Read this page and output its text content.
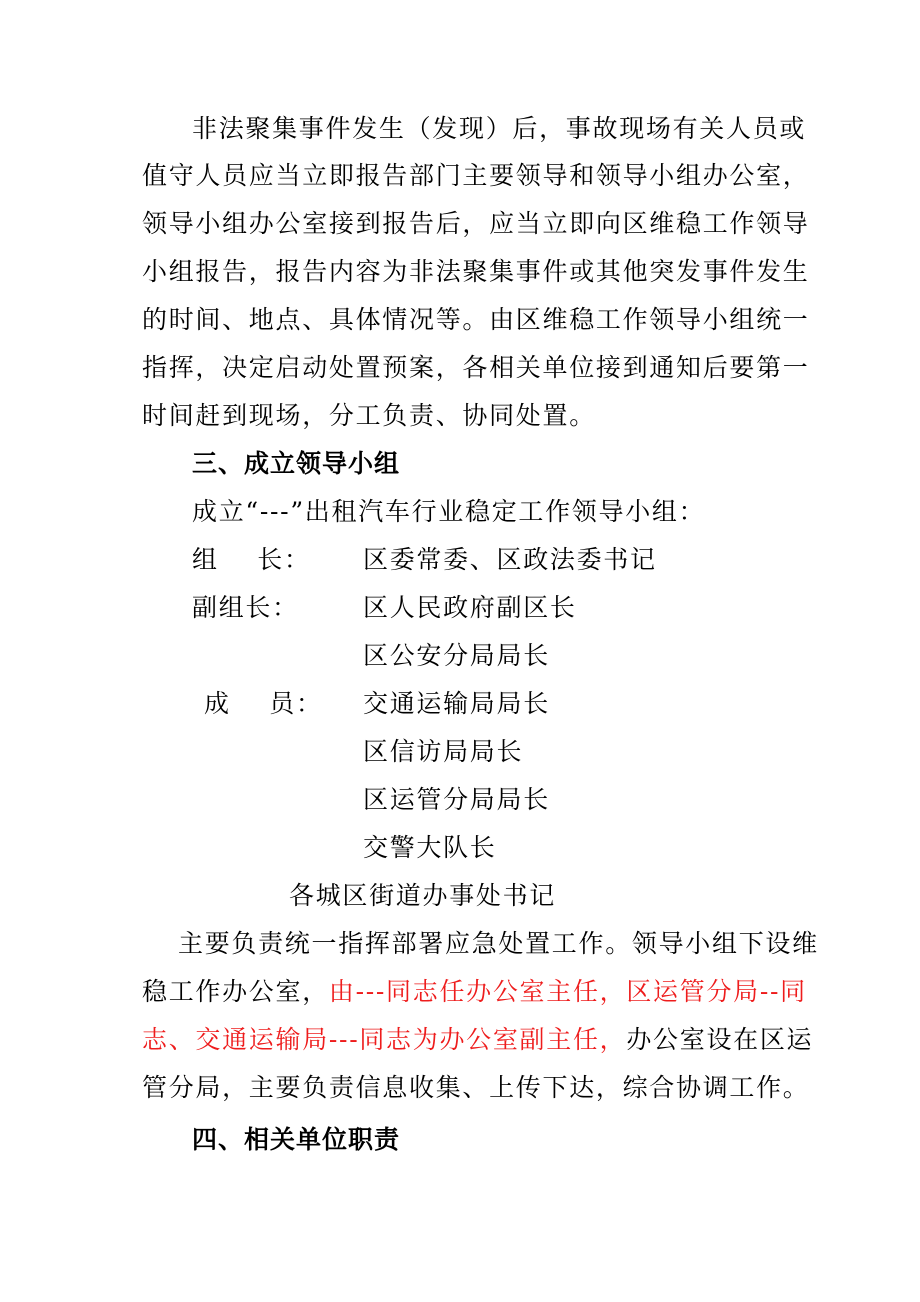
非法聚集事件发生（发现）后，事故现场有关人员或
值守人员应当立即报告部门主要领导和领导小组办公室，
领导小组办公室接到报告后，应当立即向区维稳工作领导
小组报告，报告内容为非法聚集事件或其他突发事件发生
的时间、地点、具体情况等。由区维稳工作领导小组统一
指挥，决定启动处置预案，各相关单位接到通知后要第一
时间赶到现场，分工负责、协同处置。
三、成立领导小组
成立“---”出租汽车行业稳定工作领导小组：
组    长： 区委常委、区政法委书记
副组长：	区人民政府副区长
区公安分局局长
成    员： 交通运输局局长
区信访局局长
区运管分局局长
交警大队长
各城区街道办事处书记
主要负责统一指挥部署应急处置工作。领导小组下设维
稳工作办公室，由---同志任办公室主任，区运管分局--同
志、交通运输局---同志为办公室副主任，办公室设在区运
管分局，主要负责信息收集、上传下达，综合协调工作。
四、相关单位职责
